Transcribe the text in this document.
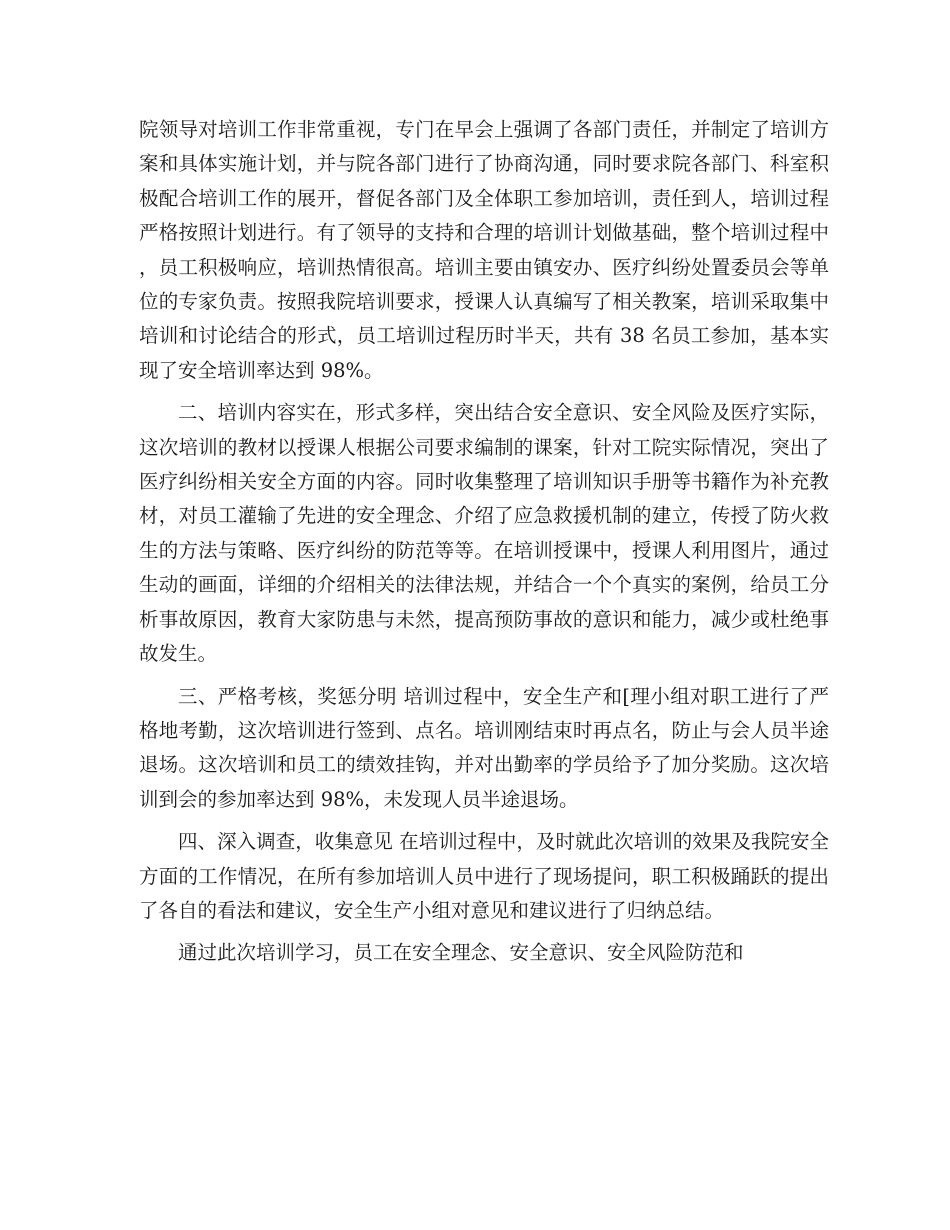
院领导对培训工作非常重视，专门在早会上强调了各部门责任，并制定了培训方案和具体实施计划，并与院各部门进行了协商沟通，同时要求院各部门、科室积极配合培训工作的展开，督促各部门及全体职工参加培训，责任到人，培训过程严格按照计划进行。有了领导的支持和合理的培训计划做基础，整个培训过程中，员工积极响应，培训热情很高。培训主要由镇安办、医疗纠纷处置委员会等单位的专家负责。按照我院培训要求，授课人认真编写了相关教案，培训采取集中培训和讨论结合的形式，员工培训过程历时半天，共有 38 名员工参加，基本实现了安全培训率达到 98%。

二、培训内容实在，形式多样，突出结合安全意识、安全风险及医疗实际，这次培训的教材以授课人根据公司要求编制的课案，针对工院实际情况，突出了医疗纠纷相关安全方面的内容。同时收集整理了培训知识手册等书籍作为补充教材，对员工灌输了先进的安全理念、介绍了应急救援机制的建立，传授了防火救生的方法与策略、医疗纠纷的防范等等。在培训授课中，授课人利用图片，通过生动的画面，详细的介绍相关的法律法规，并结合一个个真实的案例，给员工分析事故原因，教育大家防患与未然，提高预防事故的意识和能力，减少或杜绝事故发生。

三、严格考核，奖惩分明 培训过程中，安全生产和[理小组对职工进行了严格地考勤，这次培训进行签到、点名。培训刚结束时再点名，防止与会人员半途退场。这次培训和员工的绩效挂钩，并对出勤率的学员给予了加分奖励。这次培训到会的参加率达到 98%，未发现人员半途退场。

四、深入调查，收集意见 在培训过程中，及时就此次培训的效果及我院安全方面的工作情况，在所有参加培训人员中进行了现场提问，职工积极踊跃的提出了各自的看法和建议，安全生产小组对意见和建议进行了归纳总结。

通过此次培训学习，员工在安全理念、安全意识、安全风险防范和
